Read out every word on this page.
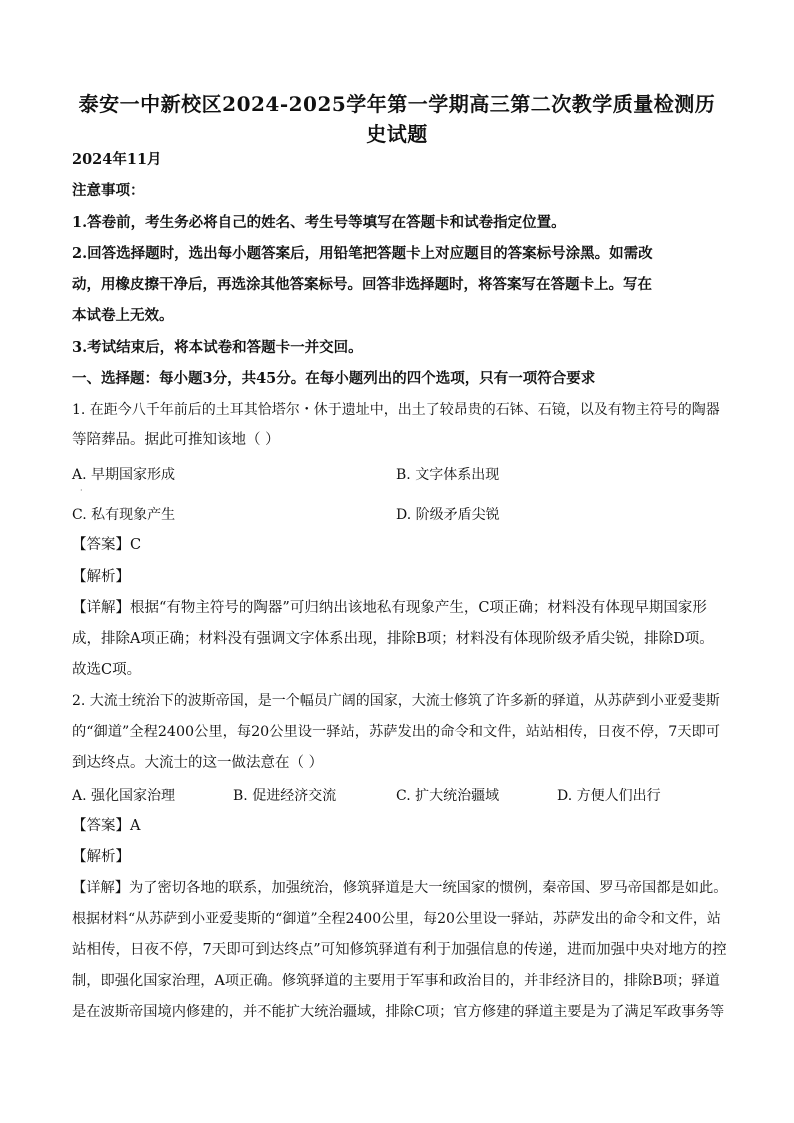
泰安一中新校区2024-2025学年第一学期高三第二次教学质量检测历
史试题
2024年11月
注意事项：
1.答卷前，考生务必将自己的姓名、考生号等填写在答题卡和试卷指定位置。
2.回答选择题时，选出每小题答案后，用铅笔把答题卡上对应题目的答案标号涂黑。如需改
动，用橡皮擦干净后，再选涂其他答案标号。回答非选择题时，将答案写在答题卡上。写在
本试卷上无效。
3.考试结束后，将本试卷和答题卡一并交回。
一、选择题：每小题3分，共45分。在每小题列出的四个选项，只有一项符合要求
1. 在距今八千年前后的土耳其恰塔尔・休于遗址中，出土了较昂贵的石钵、石镜，以及有物主符号的陶器
等陪葬品。据此可推知该地（ ）
A. 早期国家形成	B. 文字体系出现
·
C. 私有现象产生	D. 阶级矛盾尖锐
【答案】C
【解析】
【详解】根据“有物主符号的陶器”可归纳出该地私有现象产生，C项正确；材料没有体现早期国家形
成，排除A项正确；材料没有强调文字体系出现，排除B项；材料没有体现阶级矛盾尖锐，排除D项。
故选C项。
2. 大流士统治下的波斯帝国，是一个幅员广阔的国家，大流士修筑了许多新的驿道，从苏萨到小亚爱斐斯
的“御道”全程2400公里，每20公里设一驿站，苏萨发出的命令和文件，站站相传，日夜不停，7天即可
到达终点。大流士的这一做法意在（ ）
A. 强化国家治理	B. 促进经济交流	C. 扩大统治疆域	D. 方便人们出行
【答案】A
【解析】
【详解】为了密切各地的联系，加强统治，修筑驿道是大一统国家的惯例，秦帝国、罗马帝国都是如此。
根据材料“从苏萨到小亚爱斐斯的“御道”全程2400公里，每20公里设一驿站，苏萨发出的命令和文件，站
站相传，日夜不停，7天即可到达终点”可知修筑驿道有利于加强信息的传递，进而加强中央对地方的控
制，即强化国家治理，A项正确。修筑驿道的主要用于军事和政治目的，并非经济目的，排除B项；驿道
是在波斯帝国境内修建的，并不能扩大统治疆域，排除C项；官方修建的驿道主要是为了满足军政事务等
